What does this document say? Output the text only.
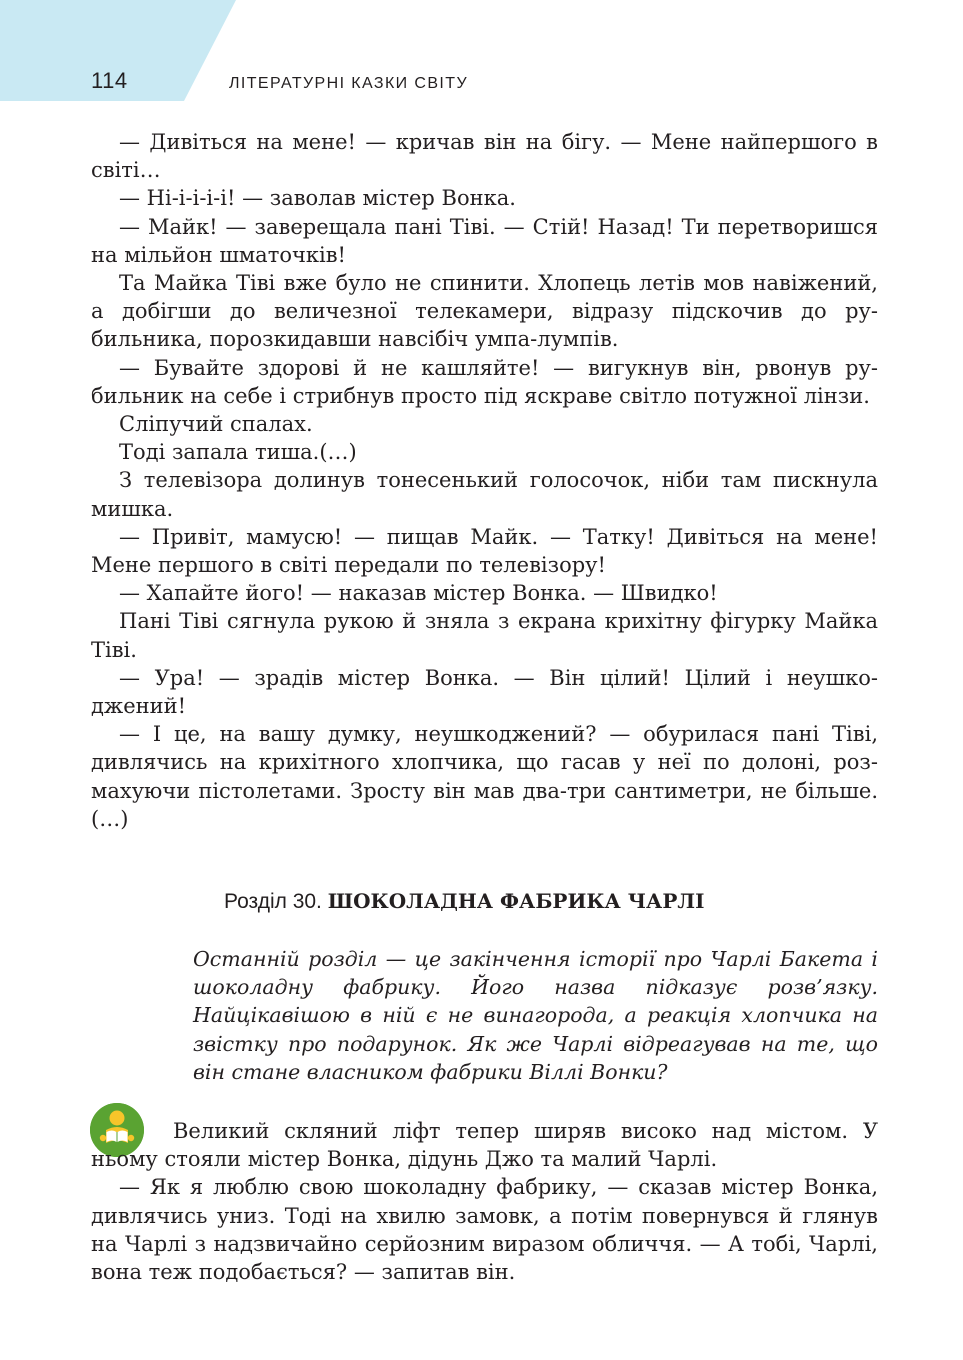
114	ЛІТЕРАТУРНІ КАЗКИ СВІТУ

— Дивіться на мене! — кричав він на бігу. — Мене найпершого в світі…

— Ні-і-і-і-і! — заволав містер Вонка.

— Майк! — заверещала пані Тіві. — Стій! Назад! Ти перетворишся на мільйон шматочків!

Та Майка Тіві вже було не спинити. Хлопець летів мов навіжений, а добігши до величезної телекамери, відразу підскочив до рубильника, порозкидавши навсібіч умпа-лумпів.

— Бувайте здорові й не кашляйте! — вигукнув він, рвонув рубильник на себе і стрибнув просто під яскраве світло потужної лінзи.

Сліпучий спалах.

Тоді запала тиша.(…)

З телевізора долинув тонесенький голосочок, ніби там пискнула мишка.

— Привіт, мамусю! — пищав Майк. — Татку! Дивіться на мене! Мене першого в світі передали по телевізору!

— Хапайте його! — наказав містер Вонка. — Швидко!

Пані Тіві сягнула рукою й зняла з екрана крихітну фігурку Майка Тіві.

— Ура! — зрадів містер Вонка. — Він цілий! Цілий і неушкоджений!

— І це, на вашу думку, неушкоджений? — обурилася пані Тіві, дивлячись на крихітного хлопчика, що гасав у неї по долоні, розмахуючи пістолетами. Зросту він мав два-три сантиметри, не більше. (…)

Розділ 30. ШОКОЛАДНА ФАБРИКА ЧАРЛІ

Останній розділ — це закінчення історії про Чарлі Бакета і шоколадну фабрику. Його назва підказує розв’язку. Найцікавішою в ній є не винагорода, а реакція хлопчика на звістку про подарунок. Як же Чарлі відреагував на те, що він стане власником фабрики Віллі Вонки?

Великий скляний ліфт тепер ширяв високо над містом. У ньому стояли містер Вонка, дідунь Джо та малий Чарлі.

— Як я люблю свою шоколадну фабрику, — сказав містер Вонка, дивлячись униз. Тоді на хвилю замовк, а потім повернувся й глянув на Чарлі з надзвичайно серйозним виразом обличчя. — А тобі, Чарлі, вона теж подобається? — запитав він.
